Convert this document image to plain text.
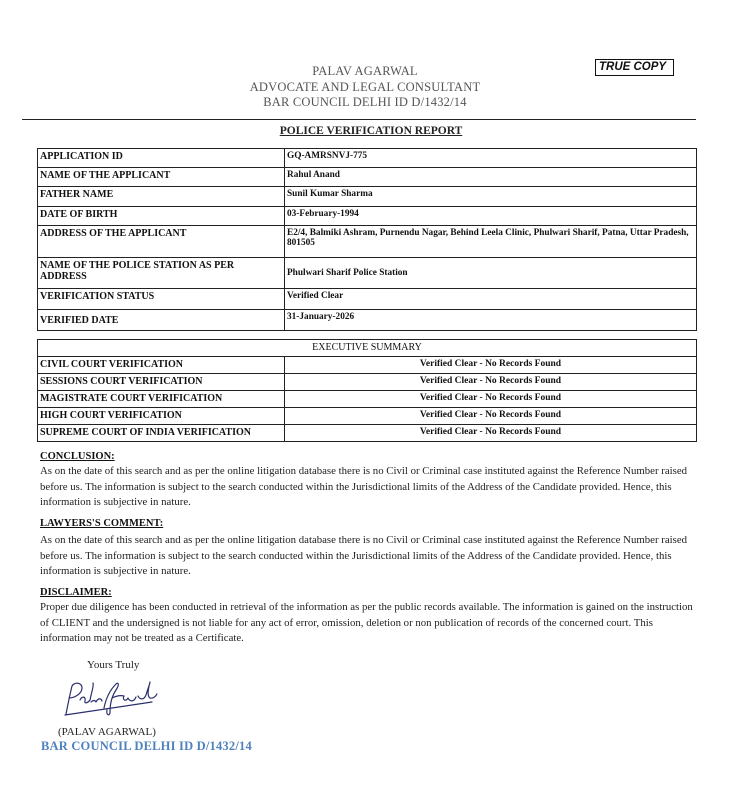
TRUE COPY
PALAV AGARWAL
ADVOCATE AND LEGAL CONSULTANT
BAR COUNCIL DELHI ID D/1432/14
POLICE VERIFICATION REPORT
APPLICATION ID	GQ-AMRSNVJ-775
NAME OF THE APPLICANT	Rahul Anand
FATHER NAME	Sunil Kumar Sharma
DATE OF BIRTH	03-February-1994
ADDRESS OF THE APPLICANT	E2/4, Balmiki Ashram, Purnendu Nagar, Behind Leela Clinic, Phulwari Sharif, Patna, Uttar Pradesh, 801505
NAME OF THE POLICE STATION AS PER ADDRESS	Phulwari Sharif Police Station
VERIFICATION STATUS	Verified Clear
VERIFIED DATE	31-January-2026
EXECUTIVE SUMMARY	
CIVIL COURT VERIFICATION	Verified Clear - No Records Found
SESSIONS COURT VERIFICATION	Verified Clear - No Records Found
MAGISTRATE COURT VERIFICATION	Verified Clear - No Records Found
HIGH COURT VERIFICATION	Verified Clear - No Records Found
SUPREME COURT OF INDIA VERIFICATION	Verified Clear - No Records Found
CONCLUSION:
As on the date of this search and as per the online litigation database there is no Civil or Criminal case instituted against the Reference Number raised before us. The information is subject to the search conducted within the Jurisdictional limits of the Address of the Candidate provided. Hence, this information is subjective in nature.
LAWYERS'S COMMENT:
As on the date of this search and as per the online litigation database there is no Civil or Criminal case instituted against the Reference Number raised before us. The information is subject to the search conducted within the Jurisdictional limits of the Address of the Candidate provided. Hence, this information is subjective in nature.
DISCLAIMER:
Proper due diligence has been conducted in retrieval of the information as per the public records available. The information is gained on the instruction of CLIENT and the undersigned is not liable for any act of error, omission, deletion or non publication of records of the concerned court. This information may not be treated as a Certificate.
Yours Truly
(PALAV AGARWAL)
BAR COUNCIL DELHI ID D/1432/14
